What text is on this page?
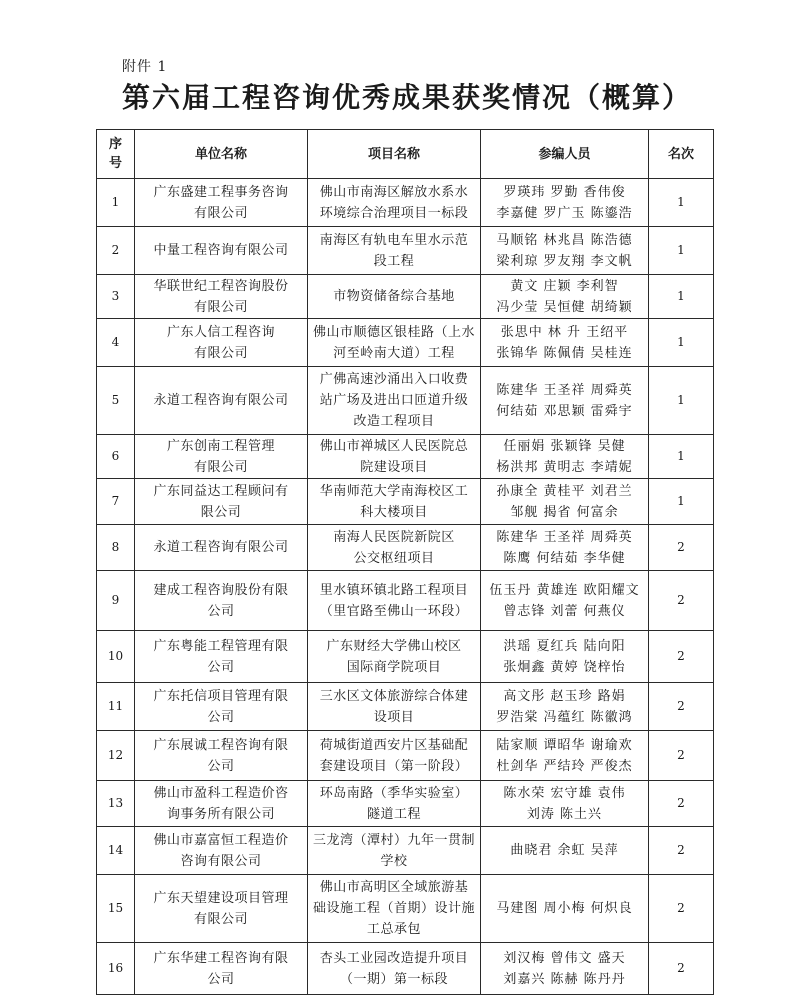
附件 1
第六届工程咨询优秀成果获奖情况（概算）
序
号	单位名称	项目名称	参编人员	名次
1	广东盛建工程事务咨询
有限公司	佛山市南海区解放水系水
环境综合治理项目一标段	罗瑛玮 罗勤 香伟俊
李嘉健 罗广玉 陈鎏浩	1
2	中量工程咨询有限公司	南海区有轨电车里水示范
段工程	马顺铭 林兆昌 陈浩德
梁利琼 罗友翔 李文帆	1
3	华联世纪工程咨询股份
有限公司	市物资储备综合基地	黄文 庄颖 李利智
冯少莹 吴恒健 胡绮颖	1
4	广东人信工程咨询
有限公司	佛山市顺德区银桂路（上水
河至岭南大道）工程	张思中 林 升 王绍平
张锦华 陈佩倩 吴桂连	1
5	永道工程咨询有限公司	广佛高速沙涌出入口收费
站广场及进出口匝道升级
改造工程项目	陈建华 王圣祥 周舜英
何结茹 邓思颖 雷舜宇	1
6	广东创南工程管理
有限公司	佛山市禅城区人民医院总
院建设项目	任丽娟 张颖锋 吴健
杨洪邦 黄明志 李靖妮	1
7	广东同益达工程顾问有
限公司	华南师范大学南海校区工
科大楼项目	孙康全 黄桂平 刘君兰
邹舰 揭省 何富余	1
8	永道工程咨询有限公司	南海人民医院新院区
公交枢纽项目	陈建华 王圣祥 周舜英
陈鹰 何结茹 李华健	2
9	建成工程咨询股份有限
公司	里水镇环镇北路工程项目
（里官路至佛山一环段）	伍玉丹 黄雄连 欧阳耀文
曾志锋 刘蕾 何燕仪	2
10	广东粤能工程管理有限
公司	广东财经大学佛山校区
国际商学院项目	洪瑶 夏红兵 陆向阳
张炯鑫 黄婷 饶梓怡	2
11	广东托信项目管理有限
公司	三水区文体旅游综合体建
设项目	高文彤 赵玉珍 路娟
罗浩棠 冯蕴红 陈徽鸿	2
12	广东展诚工程咨询有限
公司	荷城街道西安片区基础配
套建设项目（第一阶段）	陆家顺 谭昭华 谢瑜欢
杜剑华 严结玲 严俊杰	2
13	佛山市盈科工程造价咨
询事务所有限公司	环岛南路（季华实验室）
隧道工程	陈水荣 宏守雄 袁伟
刘涛 陈土兴	2
14	佛山市嘉富恒工程造价
咨询有限公司	三龙湾（潭村）九年一贯制
学校	曲晓君 余虹 吴萍	2
15	广东天望建设项目管理
有限公司	佛山市高明区全域旅游基
础设施工程（首期）设计施
工总承包	马建图 周小梅 何炽良	2
16	广东华建工程咨询有限
公司	杏头工业园改造提升项目
（一期）第一标段	刘汉梅 曾伟文 盛天
刘嘉兴 陈赫 陈丹丹	2
